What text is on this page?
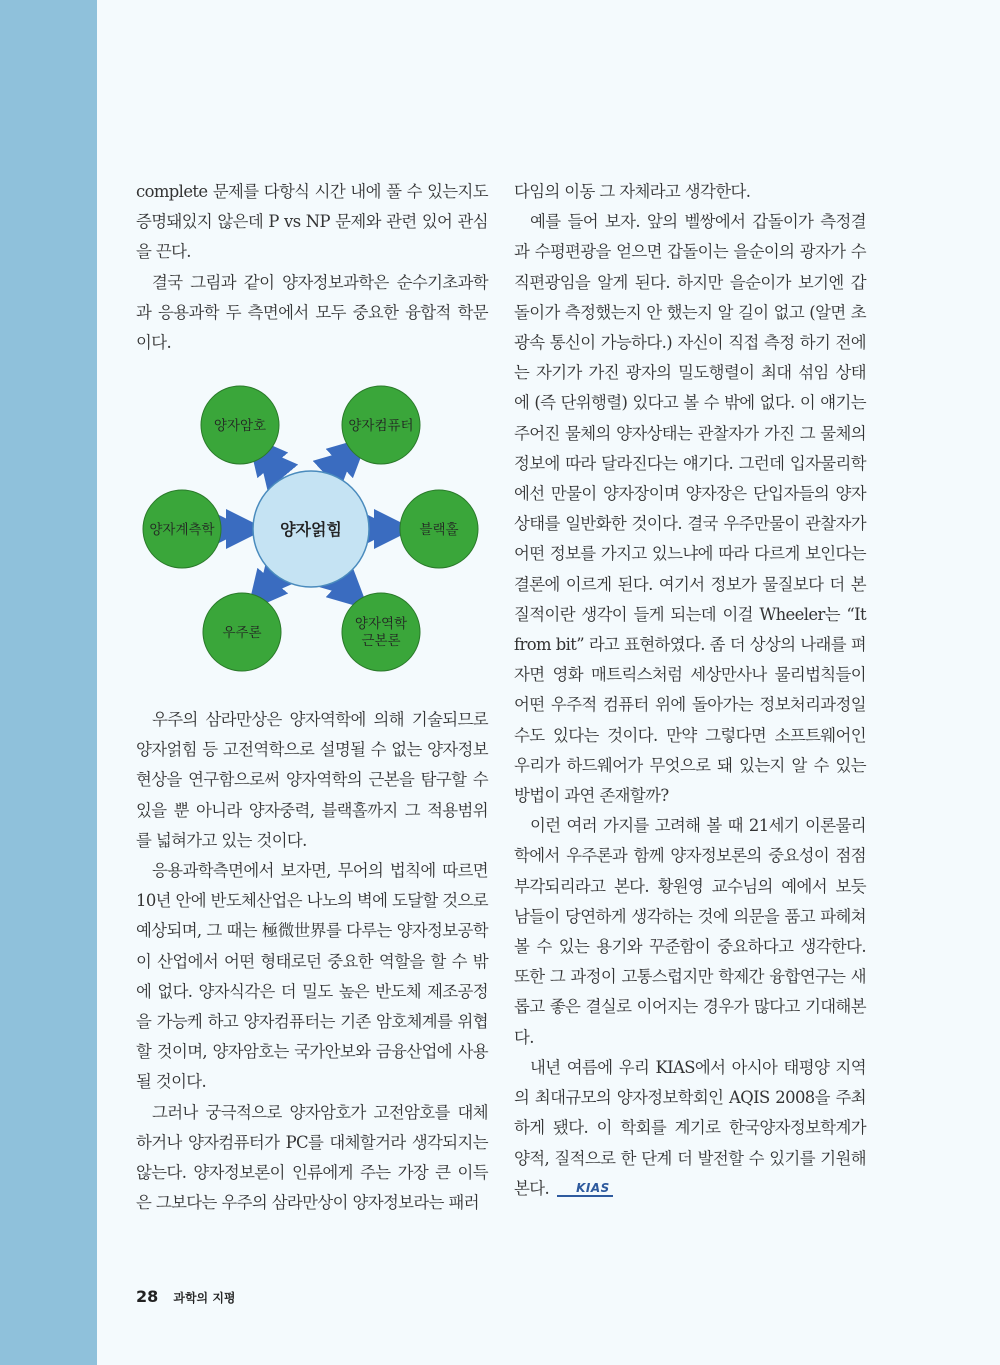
complete 문제를 다항식 시간 내에 풀 수 있는지도 증명돼있지 않은데 P vs NP 문제와 관련 있어 관심을 끈다.

결국 그림과 같이 양자정보과학은 순수기초과학과 응용과학 두 측면에서 모두 중요한 융합적 학문이다.

양자얽힘
양자암호	양자컴퓨터
양자계측학	블랙홀
우주론
양자역학
근본론

우주의 삼라만상은 양자역학에 의해 기술되므로 양자얽힘 등 고전역학으로 설명될 수 없는 양자정보 현상을 연구함으로써 양자역학의 근본을 탐구할 수 있을 뿐 아니라 양자중력, 블랙홀까지 그 적용범위를 넓혀가고 있는 것이다.

응용과학측면에서 보자면, 무어의 법칙에 따르면 10년 안에 반도체산업은 나노의 벽에 도달할 것으로 예상되며, 그 때는 極微世界를 다루는 양자정보공학이 산업에서 어떤 형태로던 중요한 역할을 할 수 밖에 없다. 양자식각은 더 밀도 높은 반도체 제조공정을 가능케 하고 양자컴퓨터는 기존 암호체계를 위협할 것이며, 양자암호는 국가안보와 금융산업에 사용될 것이다.

그러나 궁극적으로 양자암호가 고전암호를 대체하거나 양자컴퓨터가 PC를 대체할거라 생각되지는 않는다. 양자정보론이 인류에게 주는 가장 큰 이득은 그보다는 우주의 삼라만상이 양자정보라는 패러

다임의 이동 그 자체라고 생각한다.

예를 들어 보자. 앞의 벨쌍에서 갑돌이가 측정결과 수평편광을 얻으면 갑돌이는 을순이의 광자가 수직편광임을 알게 된다. 하지만 을순이가 보기엔 갑돌이가 측정했는지 안 했는지 알 길이 없고 (알면 초광속 통신이 가능하다.) 자신이 직접 측정 하기 전에는 자기가 가진 광자의 밀도행렬이 최대 섞임 상태에 (즉 단위행렬) 있다고 볼 수 밖에 없다. 이 얘기는 주어진 물체의 양자상태는 관찰자가 가진 그 물체의 정보에 따라 달라진다는 얘기다. 그런데 입자물리학에선 만물이 양자장이며 양자장은 단입자들의 양자상태를 일반화한 것이다. 결국 우주만물이 관찰자가 어떤 정보를 가지고 있느냐에 따라 다르게 보인다는 결론에 이르게 된다. 여기서 정보가 물질보다 더 본질적이란 생각이 들게 되는데 이걸 Wheeler는 “It from bit” 라고 표현하였다. 좀 더 상상의 나래를 펴자면 영화 매트릭스처럼 세상만사나 물리법칙들이 어떤 우주적 컴퓨터 위에 돌아가는 정보처리과정일 수도 있다는 것이다. 만약 그렇다면 소프트웨어인 우리가 하드웨어가 무엇으로 돼 있는지 알 수 있는 방법이 과연 존재할까?

이런 여러 가지를 고려해 볼 때 21세기 이론물리학에서 우주론과 함께 양자정보론의 중요성이 점점 부각되리라고 본다. 황원영 교수님의 예에서 보듯 남들이 당연하게 생각하는 것에 의문을 품고 파헤쳐 볼 수 있는 용기와 꾸준함이 중요하다고 생각한다. 또한 그 과정이 고통스럽지만 학제간 융합연구는 새롭고 좋은 결실로 이어지는 경우가 많다고 기대해본다.

내년 여름에 우리 KIAS에서 아시아 태평양 지역의 최대규모의 양자정보학회인 AQIS 2008을 주최하게 됐다. 이 학회를 계기로 한국양자정보학계가 양적, 질적으로 한 단계 더 발전할 수 있기를 기원해본다. KIAS

28 과학의 지평
